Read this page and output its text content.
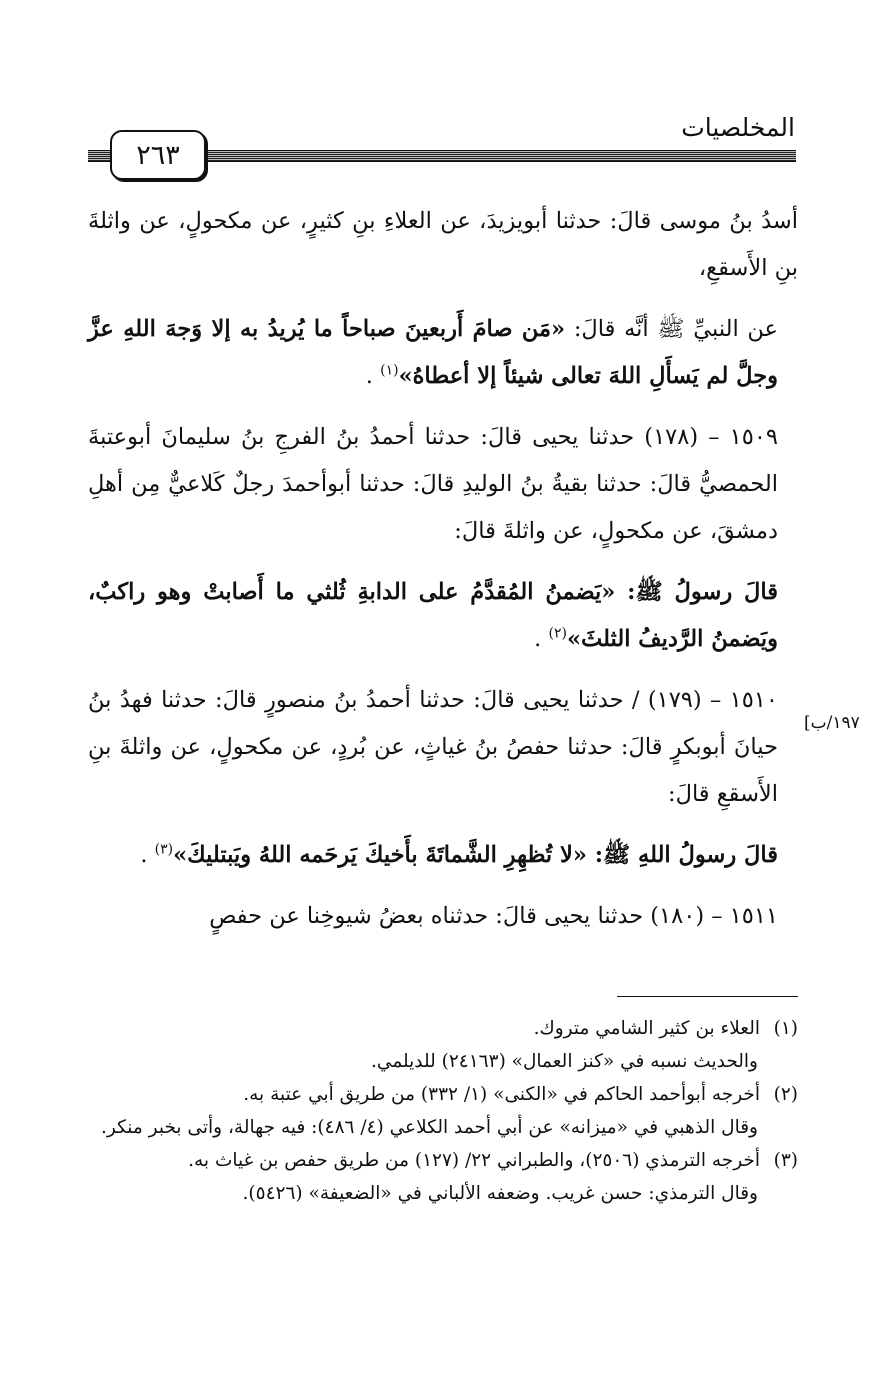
المخلصيات
٢٦٣
[١٩٧/ب

أسدُ بنُ موسى قالَ: حدثنا أبويزيدَ، عن العلاءِ بنِ كثيرٍ، عن مكحولٍ، عن واثلةَ بنِ الأَسقعِ،

عن النبيِّ ﷺ أنَّه قالَ: «مَن صامَ أَربعينَ صباحاً ما يُريدُ به إلا وَجهَ اللهِ عزَّ وجلَّ لم يَسأَلِ اللهَ تعالى شيئاً إلا أعطاهُ»$^{(١)}$ .

١٥٠٩ – (١٧٨) حدثنا يحيى قالَ: حدثنا أحمدُ بنُ الفرجِ بنُ سليمانَ أبوعتبةَ الحمصيُّ قالَ: حدثنا بقيةُ بنُ الوليدِ قالَ: حدثنا أبوأحمدَ رجلٌ كَلاعيٌّ مِن أهلِ دمشقَ، عن مكحولٍ، عن واثلةَ قالَ:

قالَ رسولُ ﷺ: «يَضمنُ المُقدَّمُ على الدابةِ ثُلثي ما أَصابتْ وهو راكبٌ، ويَضمنُ الرَّديفُ الثلثَ»$^{(٢)}$ .

١٥١٠ – (١٧٩) / حدثنا يحيى قالَ: حدثنا أحمدُ بنُ منصورٍ قالَ: حدثنا فهدُ بنُ حيانَ أبوبكرٍ قالَ: حدثنا حفصُ بنُ غياثٍ، عن بُردٍ، عن مكحولٍ، عن واثلةَ بنِ الأَسقعِ قالَ:

قالَ رسولُ اللهِ ﷺ: «لا تُظهِرِ الشَّماتَةَ بأَخيكَ يَرحَمه اللهُ ويَبتليكَ»$^{(٣)}$ .

١٥١١ – (١٨٠) حدثنا يحيى قالَ: حدثناه بعضُ شيوخِنا عن حفصٍ

(١)العلاء بن كثير الشامي متروك.

والحديث نسبه في «كنز العمال» (٢٤١٦٣) للديلمي.

(٢)أخرجه أبوأحمد الحاكم في «الكنى» (١/ ٣٣٢) من طريق أبي عتبة به.

وقال الذهبي في «ميزانه» عن أبي أحمد الكلاعي (٤/ ٤٨٦): فيه جهالة، وأتى بخبر منكر.

(٣)أخرجه الترمذي (٢٥٠٦)، والطبراني ٢٢/ (١٢٧) من طريق حفص بن غياث به.

وقال الترمذي: حسن غريب. وضعفه الألباني في «الضعيفة» (٥٤٢٦).
